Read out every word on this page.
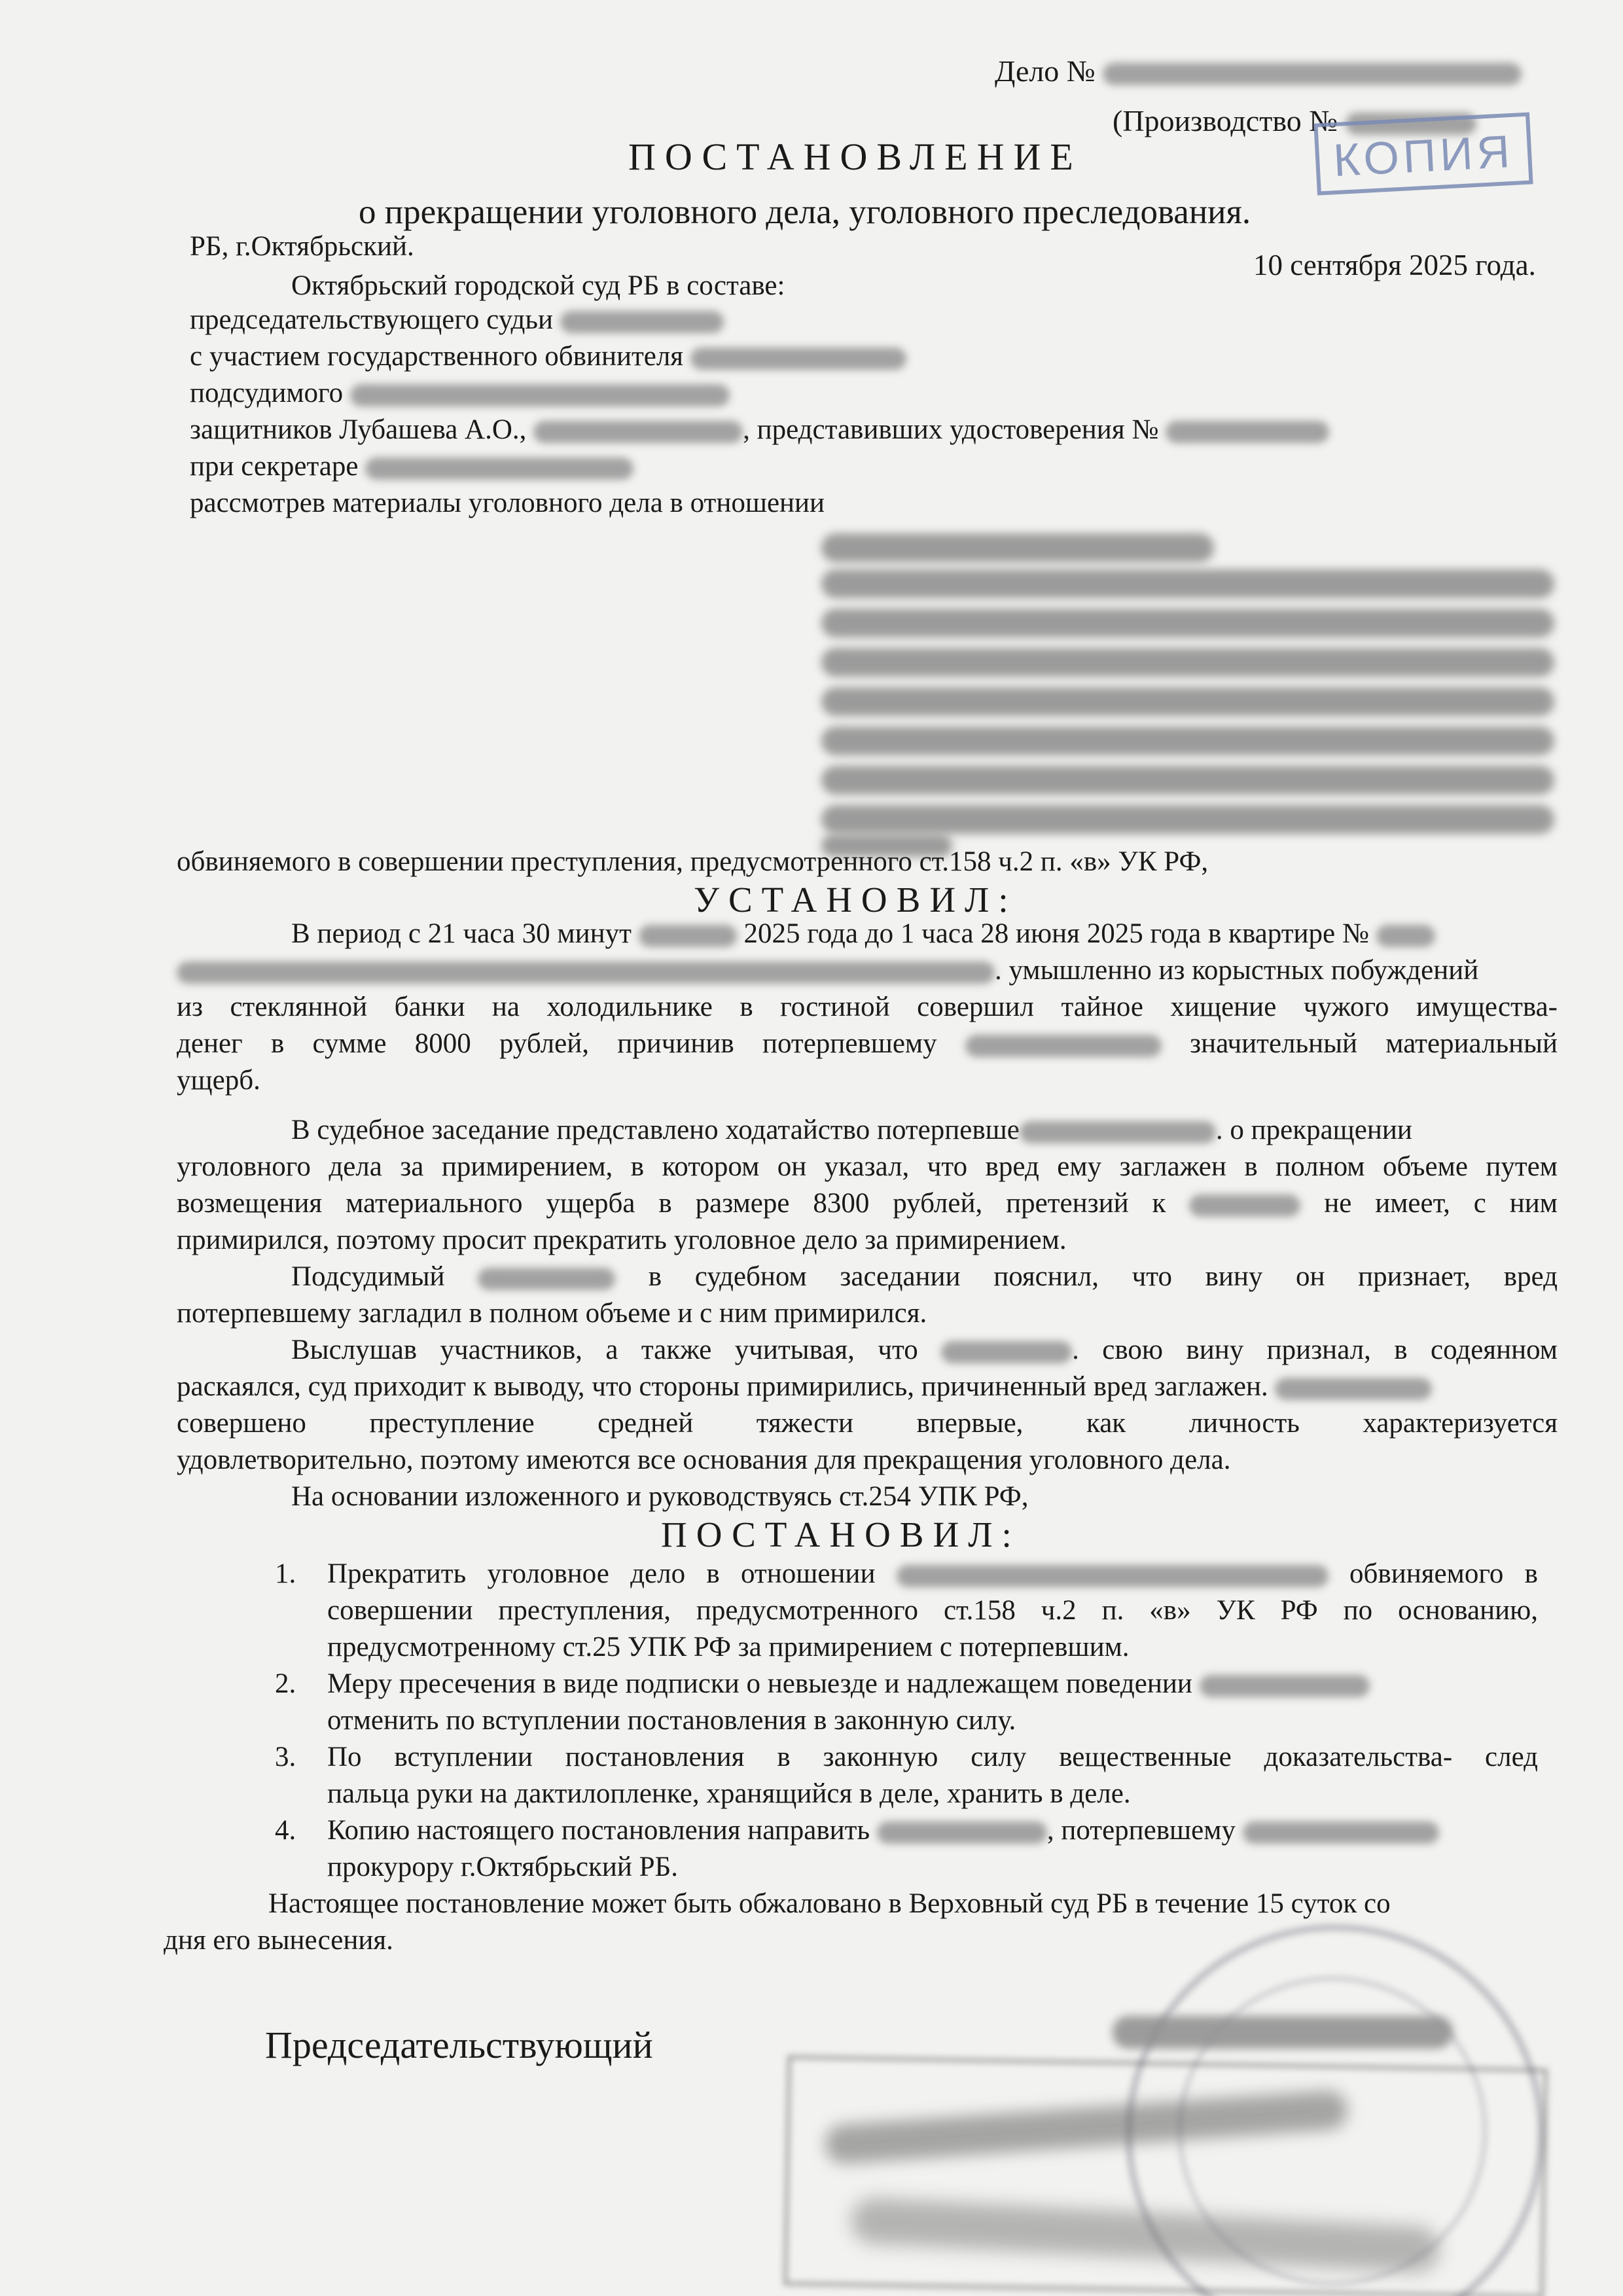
Дело №
(Производство №
КОПИЯ
ПОСТАНОВЛЕНИЕ
о прекращении уголовного дела, уголовного преследования.
РБ, г.Октябрьский.
10 сентября 2025 года.
Октябрьский городской суд РБ в составе:
председательствующего судьи
с участием государственного обвинителя
подсудимого
защитников Лубашева А.О.,	, представивших удостоверения №
при секретаре
рассмотрев материалы уголовного дела в отношении
обвиняемого в совершении преступления, предусмотренного ст.158 ч.2 п. «в» УК РФ,
УСТАНОВИЛ:
В период с 21 часа 30 минут	2025 года до 1 часа 28 июня 2025 года в квартире №
. умышленно из корыстных побуждений
из стеклянной банки на холодильнике в гостиной совершил тайное хищение чужого имущества-
денег в сумме 8000 рублей, причинив потерпевшему	значительный материальный
ущерб.
В судебное заседание представлено ходатайство потерпевше	. о прекращении
уголовного дела за примирением, в котором он указал, что вред ему заглажен в полном объеме путем
возмещения материального ущерба в размере 8300 рублей, претензий к	не имеет, с ним
примирился, поэтому просит прекратить уголовное дело за примирением.
Подсудимый	в судебном заседании пояснил, что вину он признает, вред
потерпевшему загладил в полном объеме и с ним примирился.
Выслушав участников, а также учитывая, что	. свою вину признал, в содеянном
раскаялся, суд приходит к выводу, что стороны примирились, причиненный вред заглажен.
совершено преступление средней тяжести впервые, как личность характеризуется
удовлетворительно, поэтому имеются все основания для прекращения уголовного дела.
На основании изложенного и руководствуясь ст.254 УПК РФ,
ПОСТАНОВИЛ:
1. Прекратить уголовное дело в отношении	обвиняемого в
совершении преступления, предусмотренного ст.158 ч.2 п. «в» УК РФ по основанию,
предусмотренному ст.25 УПК РФ за примирением с потерпевшим.
2. Меру пресечения в виде подписки о невыезде и надлежащем поведении
отменить по вступлении постановления в законную силу.
3. По вступлении постановления в законную силу вещественные доказательства- след
пальца руки на дактилопленке, хранящийся в деле, хранить в деле.
4. Копию настоящего постановления направить	, потерпевшему
прокурору г.Октябрьский РБ.
Настоящее постановление может быть обжаловано в Верховный суд РБ в течение 15 суток со
дня его вынесения.
Председательствующий
